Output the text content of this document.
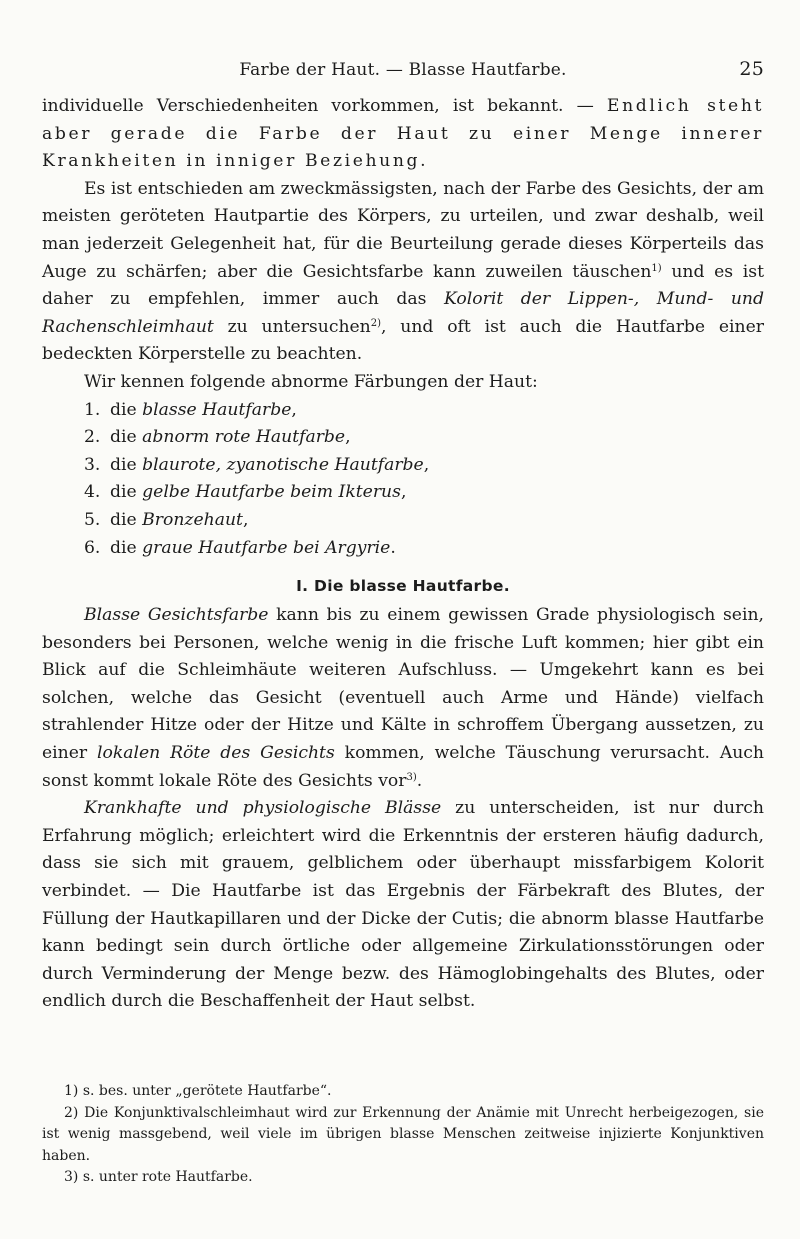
Farbe der Haut. — Blasse Hautfarbe.	25

individuelle Verschiedenheiten vorkommen, ist bekannt. — Endlich steht aber gerade die Farbe der Haut zu einer Menge innerer Krankheiten in inniger Beziehung.

Es ist entschieden am zweckmässigsten, nach der Farbe des Gesichts, der am meisten geröteten Hautpartie des Körpers, zu urteilen, und zwar deshalb, weil man jederzeit Gelegenheit hat, für die Beurteilung gerade dieses Körperteils das Auge zu schärfen; aber die Gesichtsfarbe kann zuweilen täuschen$^{1)}$ und es ist daher zu empfehlen, immer auch das Kolorit der Lippen-, Mund- und Rachenschleimhaut zu untersuchen$^{2)}$, und oft ist auch die Hautfarbe einer bedeckten Körperstelle zu beachten.

Wir kennen folgende abnorme Färbungen der Haut:

1. die blasse Hautfarbe,
2. die abnorm rote Hautfarbe,
3. die blaurote, zyanotische Hautfarbe,
4. die gelbe Hautfarbe beim Ikterus,
5. die Bronzehaut,
6. die graue Hautfarbe bei Argyrie.
I. Die blasse Hautfarbe.

Blasse Gesichtsfarbe kann bis zu einem gewissen Grade physiologisch sein, besonders bei Personen, welche wenig in die frische Luft kommen; hier gibt ein Blick auf die Schleimhäute weiteren Aufschluss. — Umgekehrt kann es bei solchen, welche das Gesicht (eventuell auch Arme und Hände) vielfach strahlender Hitze oder der Hitze und Kälte in schroffem Übergang aussetzen, zu einer lokalen Röte des Gesichts kommen, welche Täuschung verursacht. Auch sonst kommt lokale Röte des Gesichts vor$^{3)}$.

Krankhafte und physiologische Blässe zu unterscheiden, ist nur durch Erfahrung möglich; erleichtert wird die Erkenntnis der ersteren häufig dadurch, dass sie sich mit grauem, gelblichem oder überhaupt missfarbigem Kolorit verbindet. — Die Hautfarbe ist das Ergebnis der Färbekraft des Blutes, der Füllung der Hautkapillaren und der Dicke der Cutis; die abnorm blasse Hautfarbe kann bedingt sein durch örtliche oder allgemeine Zirkulationsstörungen oder durch Verminderung der Menge bezw. des Hämoglobingehalts des Blutes, oder endlich durch die Beschaffenheit der Haut selbst.

1) s. bes. unter „gerötete Hautfarbe“.

2) Die Konjunktivalschleimhaut wird zur Erkennung der Anämie mit Unrecht herbeigezogen, sie ist wenig massgebend, weil viele im übrigen blasse Menschen zeitweise injizierte Konjunktiven haben.

3) s. unter rote Hautfarbe.
